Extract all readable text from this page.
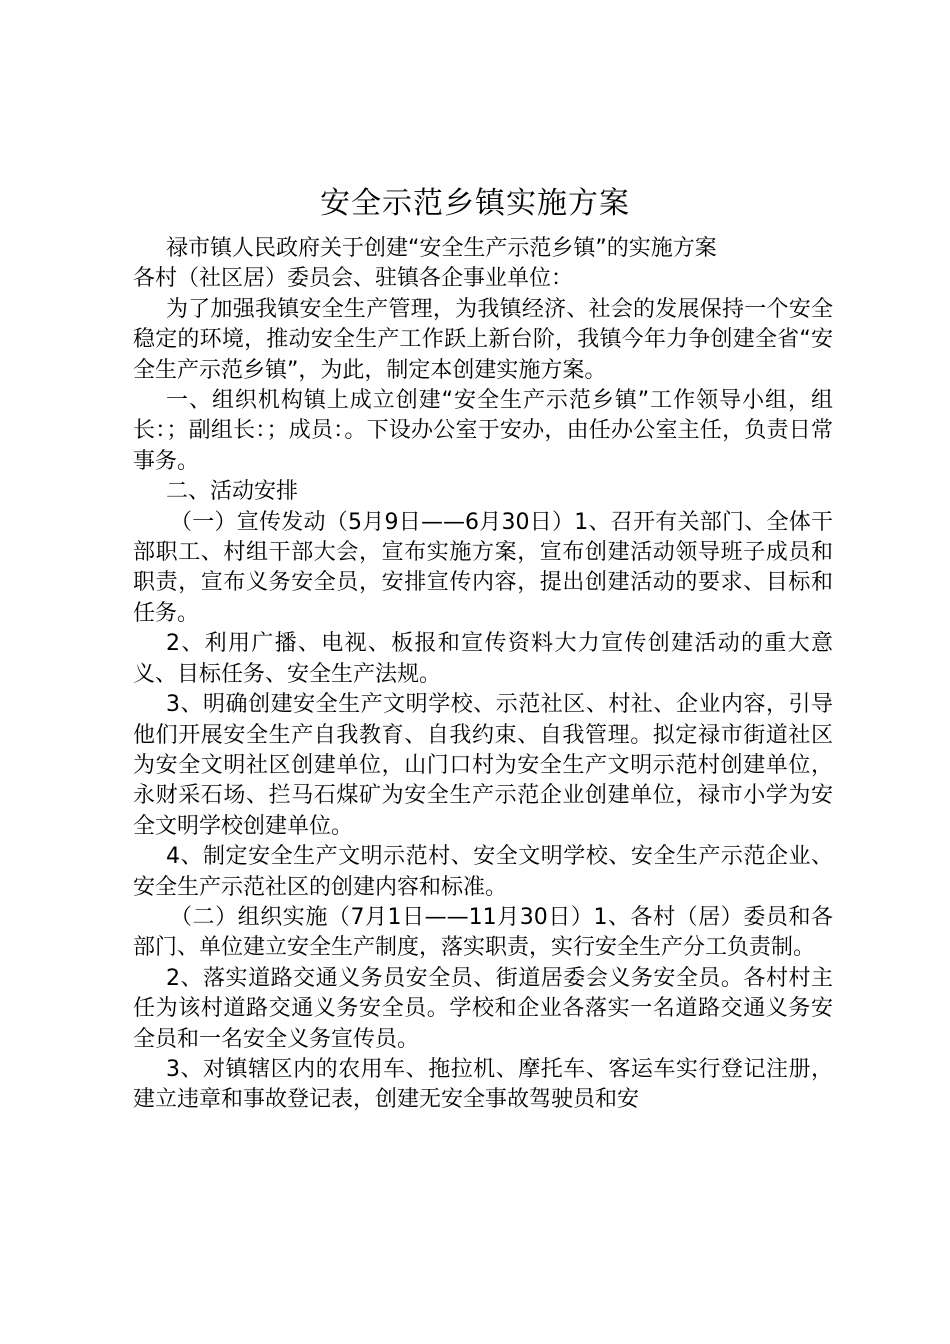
安全示范乡镇实施方案

禄市镇人民政府关于创建“安全生产示范乡镇”的实施方案

各村（社区居）委员会、驻镇各企事业单位：

为了加强我镇安全生产管理，为我镇经济、社会的发展保持一个安全稳定的环境，推动安全生产工作跃上新台阶，我镇今年力争创建全省“安全生产示范乡镇”，为此，制定本创建实施方案。

一、组织机构镇上成立创建“安全生产示范乡镇”工作领导小组，组长：；副组长：；成员：。下设办公室于安办，由任办公室主任，负责日常事务。

二、活动安排

（一）宣传发动（5月9日——6月30日）1、召开有关部门、全体干部职工、村组干部大会，宣布实施方案，宣布创建活动领导班子成员和职责，宣布义务安全员，安排宣传内容，提出创建活动的要求、目标和任务。

2、利用广播、电视、板报和宣传资料大力宣传创建活动的重大意义、目标任务、安全生产法规。

3、明确创建安全生产文明学校、示范社区、村社、企业内容，引导他们开展安全生产自我教育、自我约束、自我管理。拟定禄市街道社区为安全文明社区创建单位，山门口村为安全生产文明示范村创建单位，永财采石场、拦马石煤矿为安全生产示范企业创建单位，禄市小学为安全文明学校创建单位。

4、制定安全生产文明示范村、安全文明学校、安全生产示范企业、安全生产示范社区的创建内容和标准。

（二）组织实施（7月1日——11月30日）1、各村（居）委员和各部门、单位建立安全生产制度，落实职责，实行安全生产分工负责制。

2、落实道路交通义务员安全员、街道居委会义务安全员。各村村主任为该村道路交通义务安全员。学校和企业各落实一名道路交通义务安全员和一名安全义务宣传员。

3、对镇辖区内的农用车、拖拉机、摩托车、客运车实行登记注册，建立违章和事故登记表，创建无安全事故驾驶员和安
